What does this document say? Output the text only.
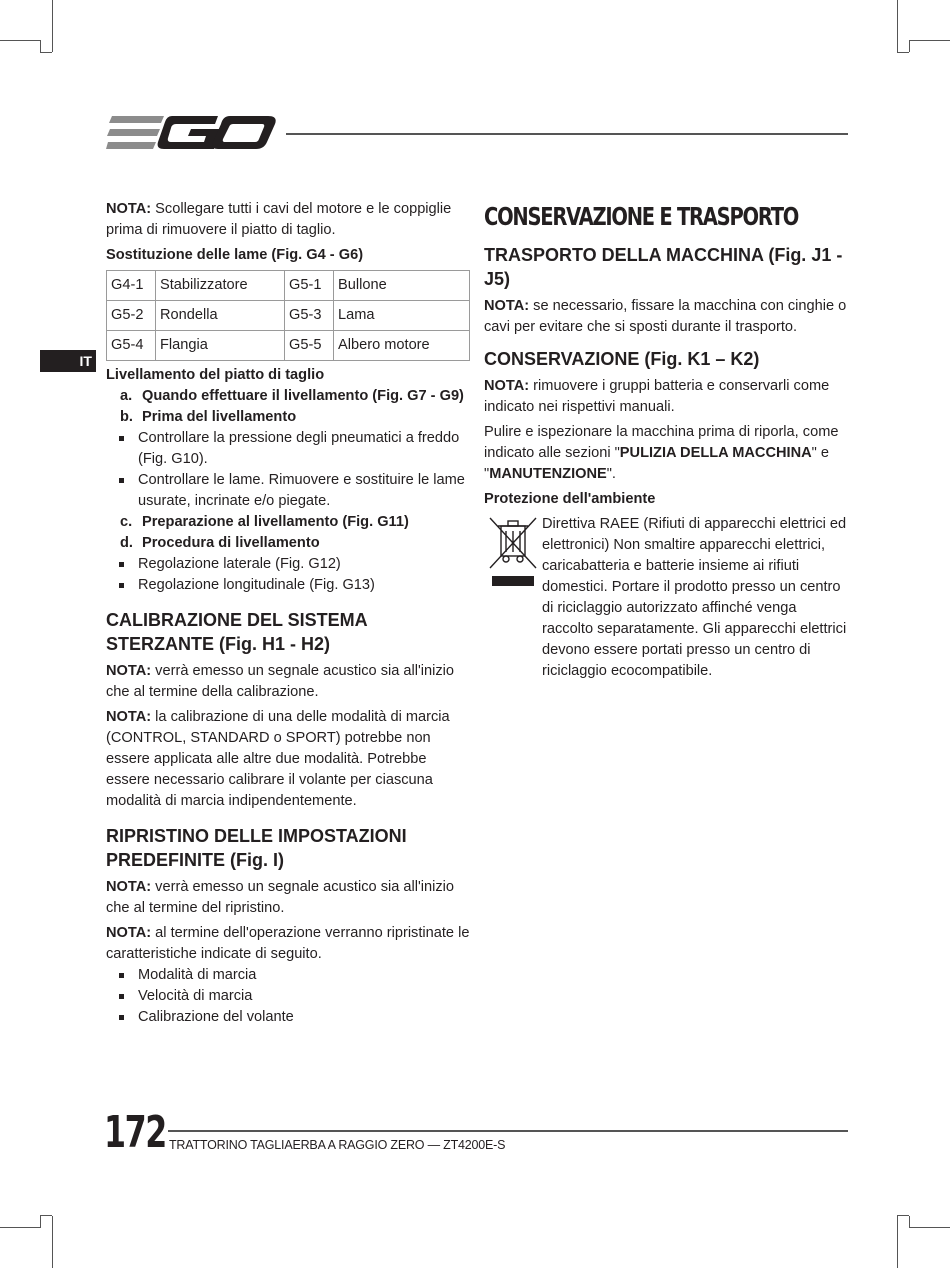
IT

NOTA: Scollegare tutti i cavi del motore e le coppiglie prima di rimuovere il piatto di taglio.

Sostituzione delle lame (Fig. G4 - G6)

G4-1	Stabilizzatore	G5-1	Bullone
G5-2	Rondella	G5-3	Lama
G5-4	Flangia	G5-5	Albero motore

Livellamento del piatto di taglio

a. Quando effettuare il livellamento (Fig. G7 - G9)

b. Prima del livellamento

Controllare la pressione degli pneumatici a freddo (Fig. G10).
Controllare le lame. Rimuovere e sostituire le lame usurate, incrinate e/o piegate.

c. Preparazione al livellamento (Fig. G11)

d. Procedura di livellamento

Regolazione laterale (Fig. G12)
Regolazione longitudinale (Fig. G13)
CALIBRAZIONE DEL SISTEMA STERZANTE (Fig. H1 - H2)

NOTA: verrà emesso un segnale acustico sia all'inizio che al termine della calibrazione.

NOTA: la calibrazione di una delle modalità di marcia (CONTROL, STANDARD o SPORT) potrebbe non essere applicata alle altre due modalità. Potrebbe essere necessario calibrare il volante per ciascuna modalità di marcia indipendentemente.

RIPRISTINO DELLE IMPOSTAZIONI PREDEFINITE (Fig. I)

NOTA: verrà emesso un segnale acustico sia all'inizio che al termine del ripristino.

NOTA: al termine dell'operazione verranno ripristinate le caratteristiche indicate di seguito.

Modalità di marcia
Velocità di marcia
Calibrazione del volante
CONSERVAZIONE E TRASPORTO
TRASPORTO DELLA MACCHINA (Fig. J1 - J5)

NOTA: se necessario, fissare la macchina con cinghie o cavi per evitare che si sposti durante il trasporto.

CONSERVAZIONE (Fig. K1 – K2)

NOTA: rimuovere i gruppi batteria e conservarli come indicato nei rispettivi manuali.

Pulire e ispezionare la macchina prima di riporla, come indicato alle sezioni "PULIZIA DELLA MACCHINA" e "MANUTENZIONE".

Protezione dell'ambiente

Direttiva RAEE (Rifiuti di apparecchi elettrici ed elettronici) Non smaltire apparecchi elettrici, caricabatteria e batterie insieme ai rifiuti domestici. Portare il prodotto presso un centro di riciclaggio autorizzato affinché venga raccolto separatamente. Gli apparecchi elettrici devono essere portati presso un centro di riciclaggio ecocompatibile.
172 TRATTORINO TAGLIAERBA A RAGGIO ZERO — ZT4200E-S
